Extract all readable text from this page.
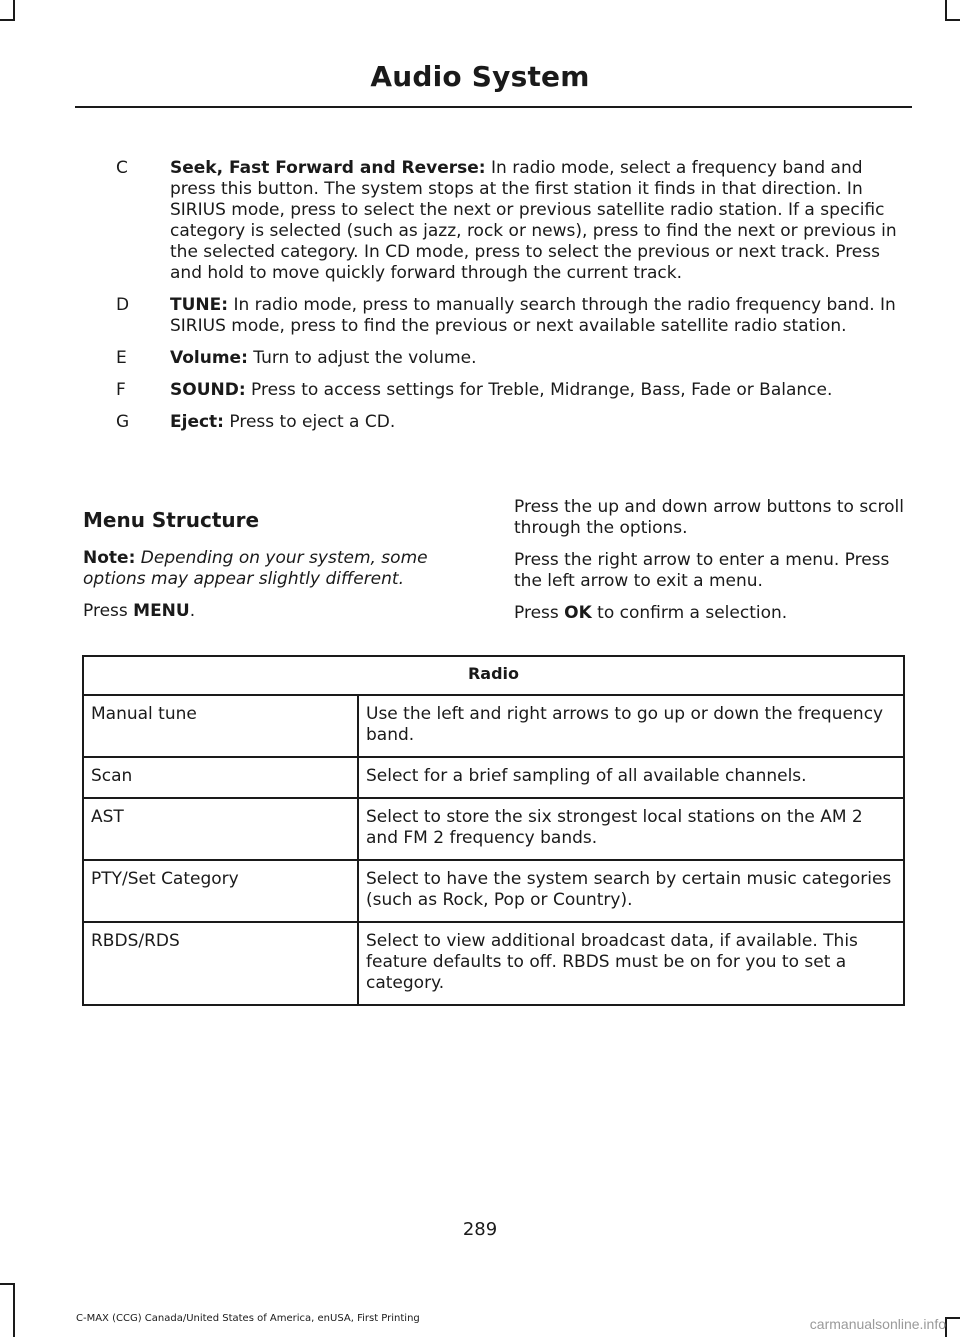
Audio System
C	Seek, Fast Forward and Reverse: In radio mode, select a frequency band and press this button. The system stops at the first station it finds in that direction. In SIRIUS mode, press to select the next or previous satellite radio station. If a specific category is selected (such as jazz, rock or news), press to find the next or previous in the selected category. In CD mode, press to select the previous or next track. Press and hold to move quickly forward through the current track.
D	TUNE: In radio mode, press to manually search through the radio frequency band. In SIRIUS mode, press to find the previous or next available satellite radio station.
E	Volume: Turn to adjust the volume.
F	SOUND: Press to access settings for Treble, Midrange, Bass, Fade or Balance.
G	Eject: Press to eject a CD.
Menu Structure

Note: Depending on your system, some options may appear slightly different.

Press MENU.

Press the up and down arrow buttons to scroll through the options.

Press the right arrow to enter a menu. Press the left arrow to exit a menu.

Press OK to confirm a selection.

Radio	
Manual tune	Use the left and right arrows to go up or down the frequency band.
Scan	Select for a brief sampling of all available channels.
AST	Select to store the six strongest local stations on the AM 2 and FM 2 frequency bands.
PTY/Set Category	Select to have the system search by certain music categories (such as Rock, Pop or Country).
RBDS/RDS	Select to view additional broadcast data, if available. This feature defaults to off. RBDS must be on for you to set a category.
289
C-MAX (CCG) Canada/United States of America, enUSA, First Printing	carmanualsonline.info
